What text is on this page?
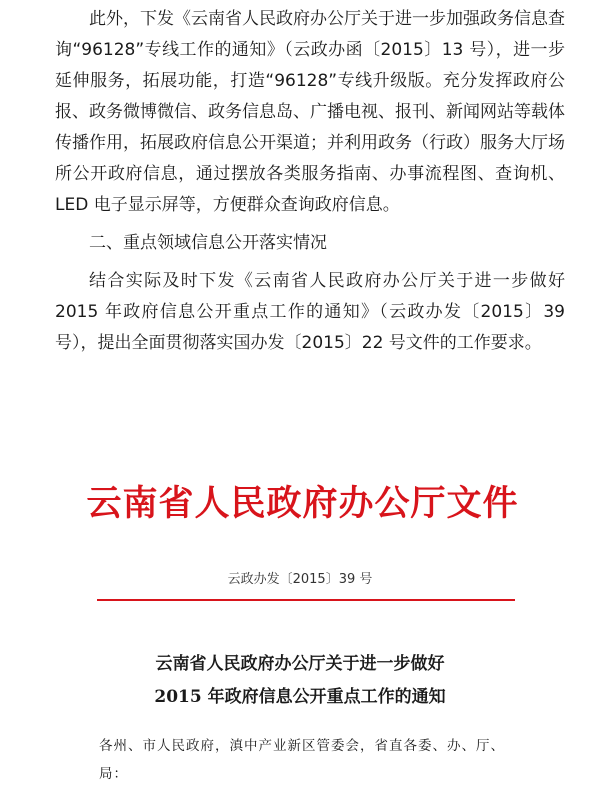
此外，下发《云南省人民政府办公厅关于进一步加强政务信息查询“96128”专线工作的通知》（云政办函〔2015〕13 号），进一步延伸服务，拓展功能，打造“96128”专线升级版。充分发挥政府公报、政务微博微信、政务信息岛、广播电视、报刊、新闻网站等载体传播作用，拓展政府信息公开渠道；并利用政务（行政）服务大厅场所公开政府信息，通过摆放各类服务指南、办事流程图、查询机、LED 电子显示屏等，方便群众查询政府信息。

二、重点领域信息公开落实情况

结合实际及时下发《云南省人民政府办公厅关于进一步做好 2015 年政府信息公开重点工作的通知》（云政办发〔2015〕39 号），提出全面贯彻落实国办发〔2015〕22 号文件的工作要求。

云南省人民政府办公厅文件
云政办发〔2015〕39 号
云南省人民政府办公厅关于进一步做好
2015 年政府信息公开重点工作的通知
各州、市人民政府，滇中产业新区管委会，省直各委、办、厅、
局：
